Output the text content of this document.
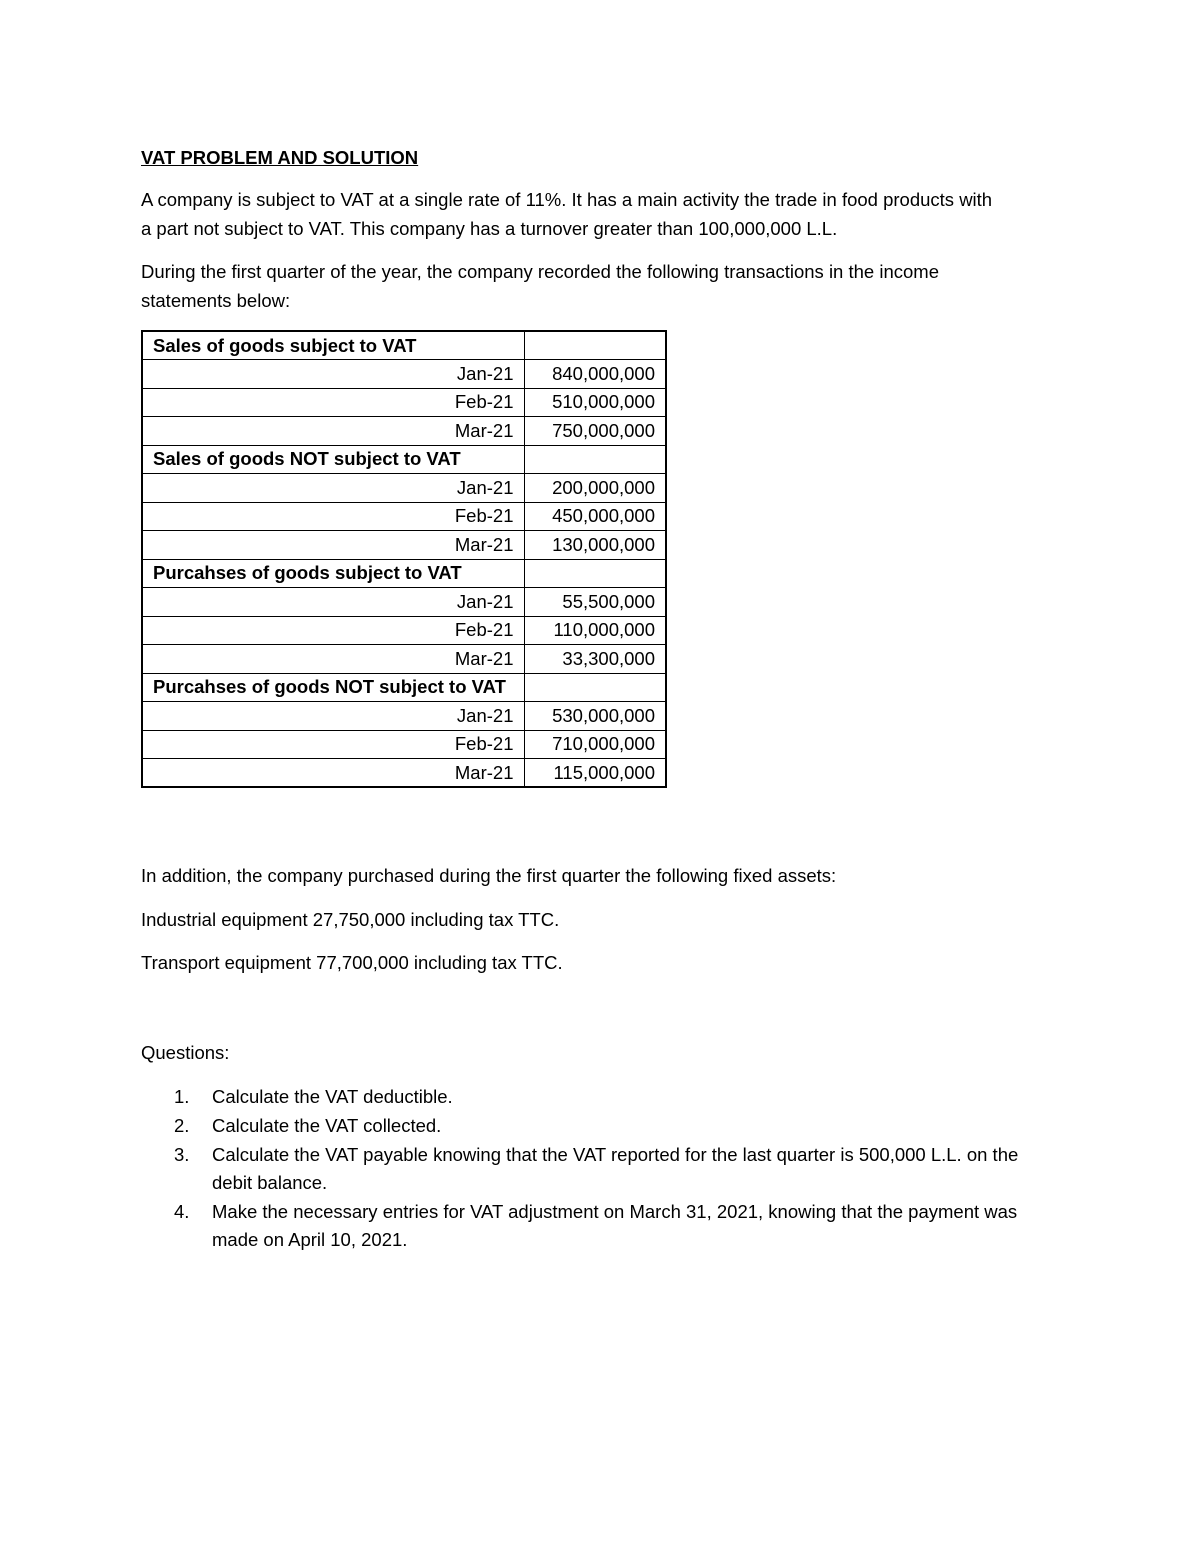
VAT PROBLEM AND SOLUTION
A company is subject to VAT at a single rate of 11%. It has a main activity the trade in food products with
a part not subject to VAT. This company has a turnover greater than 100,000,000 L.L.
During the first quarter of the year, the company recorded the following transactions in the income
statements below:
Sales of goods subject to VAT	
Jan-21	840,000,000
Feb-21	510,000,000
Mar-21	750,000,000
Sales of goods NOT subject to VAT	
Jan-21	200,000,000
Feb-21	450,000,000
Mar-21	130,000,000
Purcahses of goods subject to VAT	
Jan-21	55,500,000
Feb-21	110,000,000
Mar-21	33,300,000
Purcahses of goods NOT subject to VAT	
Jan-21	530,000,000
Feb-21	710,000,000
Mar-21	115,000,000
In addition, the company purchased during the first quarter the following fixed assets:
Industrial equipment 27,750,000 including tax TTC.
Transport equipment 77,700,000 including tax TTC.
Questions:
1. Calculate the VAT deductible.
2. Calculate the VAT collected.
3. Calculate the VAT payable knowing that the VAT reported for the last quarter is 500,000 L.L. on the debit balance.
4. Make the necessary entries for VAT adjustment on March 31, 2021, knowing that the payment was made on April 10, 2021.
